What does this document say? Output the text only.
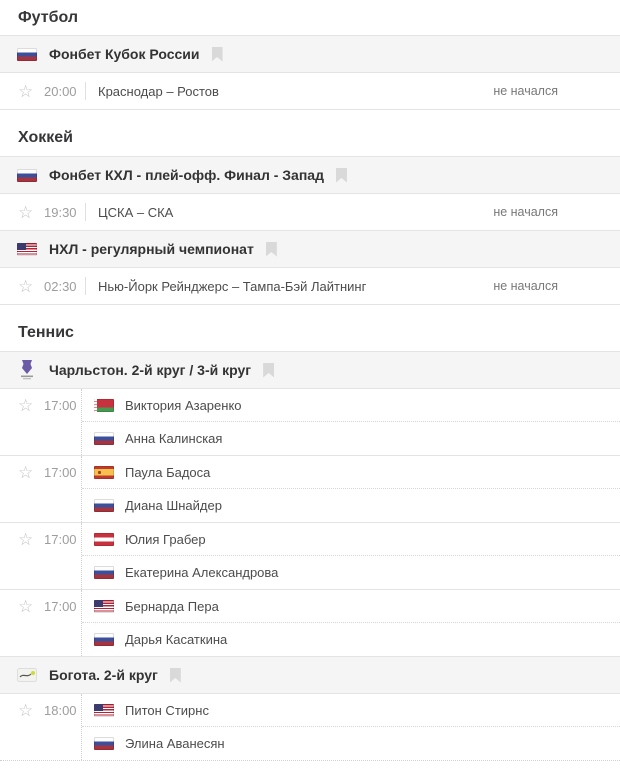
Футбол
Фонбет Кубок России
☆ 20:00 Краснодар – Ростов	не начался
Хоккей
Фонбет КХЛ - плей-офф. Финал - Запад
☆ 19:30 ЦСКА – СКА	не начался
НХЛ - регулярный чемпионат
☆ 02:30 Нью-Йорк Рейнджерс – Тампа-Бэй Лайтнинг	не начался
Теннис
Чарльстон. 2-й круг / 3-й круг
☆ 17:00	Виктория Азаренко
Анна Калинская
☆ 17:00	Паула Бадоса
Диана Шнайдер
☆ 17:00	Юлия Грабер
Екатерина Александрова
☆ 17:00	Бернарда Пера
Дарья Касаткина
Богота. 2-й круг
☆ 18:00	Питон Стирнс
Элина Аванесян
